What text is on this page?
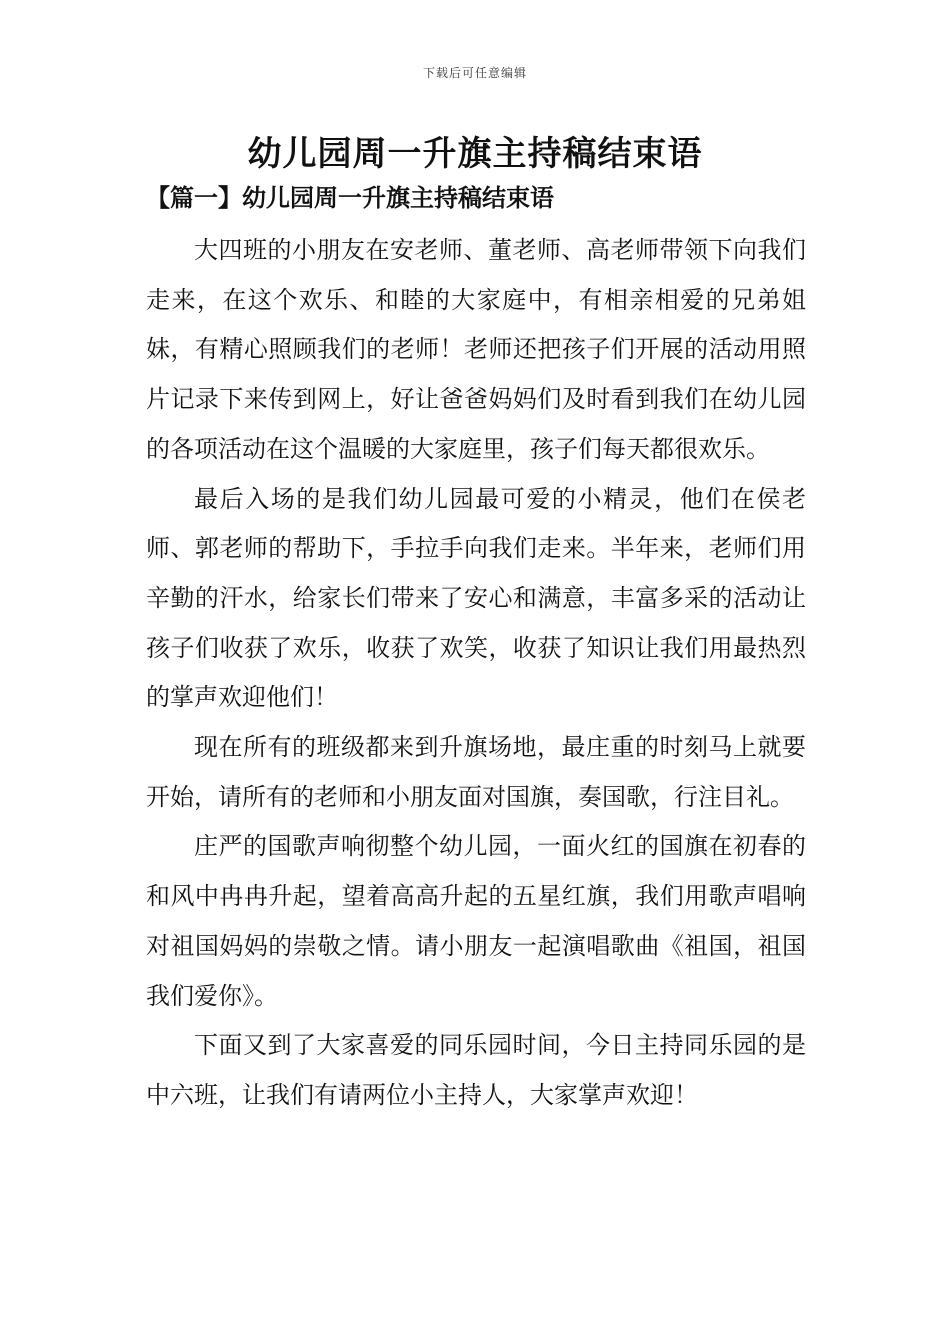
下载后可任意编辑
幼儿园周一升旗主持稿结束语
【篇一】幼儿园周一升旗主持稿结束语

大四班的小朋友在安老师、董老师、高老师带领下向我们走来，在这个欢乐、和睦的大家庭中，有相亲相爱的兄弟姐妹，有精心照顾我们的老师！老师还把孩子们开展的活动用照片记录下来传到网上，好让爸爸妈妈们及时看到我们在幼儿园的各项活动在这个温暖的大家庭里，孩子们每天都很欢乐。

最后入场的是我们幼儿园最可爱的小精灵，他们在侯老师、郭老师的帮助下，手拉手向我们走来。半年来，老师们用辛勤的汗水，给家长们带来了安心和满意，丰富多采的活动让孩子们收获了欢乐，收获了欢笑，收获了知识让我们用最热烈的掌声欢迎他们！

现在所有的班级都来到升旗场地，最庄重的时刻马上就要开始，请所有的老师和小朋友面对国旗，奏国歌，行注目礼。

庄严的国歌声响彻整个幼儿园，一面火红的国旗在初春的和风中冉冉升起，望着高高升起的五星红旗，我们用歌声唱响对祖国妈妈的崇敬之情。请小朋友一起演唱歌曲《祖国，祖国我们爱你》。

下面又到了大家喜爱的同乐园时间，今日主持同乐园的是中六班，让我们有请两位小主持人，大家掌声欢迎！
